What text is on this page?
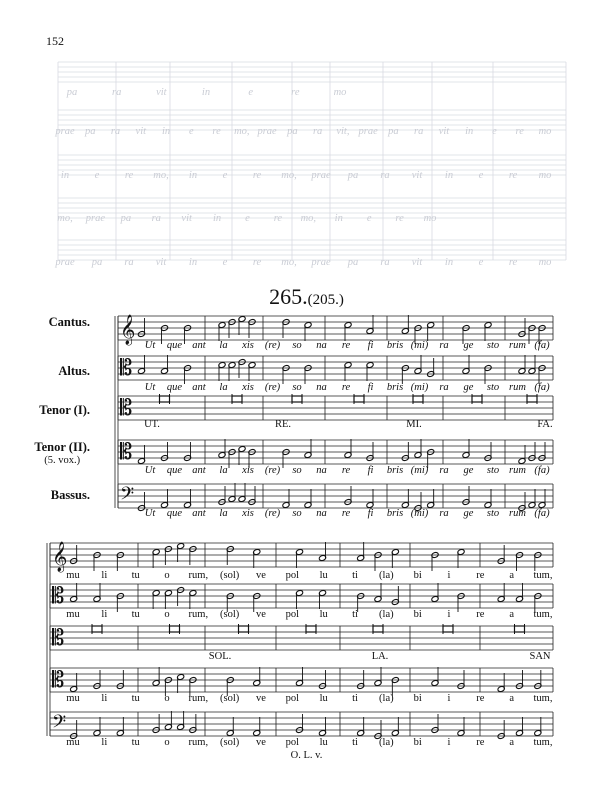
152
pa	ra	vit	in	e	re	mo
prae pa ra vit in e re mo, prae pa ra vit, prae pa ra vit in e re mo
in e re mo, in e re mo, prae pa ra vit in e re mo
mo, prae pa ra vit in e re mo, in e re mo
prae pa ra vit in e re mo, prae pa ra vit in e re mo
265.(205.)
Cantus.
Altus.
Tenor (I).
Tenor (II).
(5. vox.)
Bassus.
𝄞
𝄡
𝄡
𝄡
𝄢
𝄞
𝄡
𝄡
𝄡
𝄢
Ut que ant la xis (re) so na re fi bris (mi) ra ge sto rum (fa)
Ut que ant la xis (re) so na re fi bris (mi) ra ge sto rum (fa)
Ut que ant la xis (re) so na re fi bris (mi) ra ge sto rum (fa)
Ut que ant la xis (re) so na re fi bris (mi) ra ge sto rum (fa)
UT.	RE.	MI.	FA.
mu li tu o rum, (sol) ve pol lu ti (la) bi i re a tum,
mu li tu o rum, (sol) ve pol lu ti (la) bi i re a tum,
mu li tu o rum, (sol) ve pol lu ti (la) bi i re a tum,
mu li tu o rum, (sol) ve pol lu ti (la) bi i re a tum,
SOL.	LA.	SAN
O. L. v.
